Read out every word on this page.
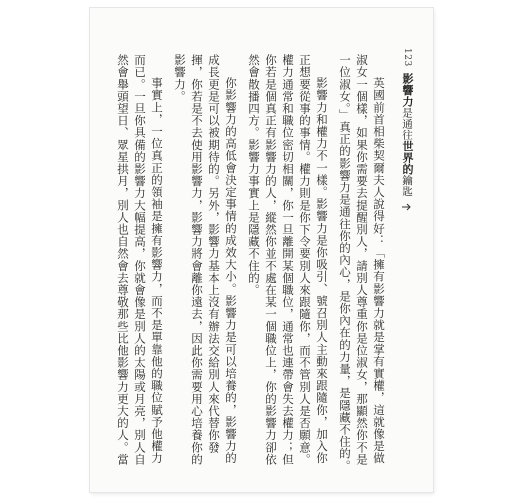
123
影響力是通往世界的鑰匙

英國前首相柴契爾夫人說得好：「擁有影響力就是掌有實權，這就像是做淑女一個樣，如果你需要去提醒別人，請別人尊重你是位淑女，那顯然你不是一位淑女。」真正的影響力是通往你的內心，是你內在的力量，是隱藏不住的。

影響力和權力不一樣。影響力是你吸引、號召別人主動來跟隨你，加入你正想要從事的事情。權力則是你下令要別人來跟隨你，而不管別人是否願意。權力通常和職位密切相關，你一旦離開某個職位，通常也連帶會失去權力；但你若是個真正有影響力的人，縱然你並不處在某一個職位上，你的影響力卻依然會散播四方。影響力事實上是隱藏不住的。

你影響力的高低會決定事情的成效大小。影響力是可以培養的，影響力的成長更是可以被期待的。另外，影響力基本上沒有辦法交給別人來代替你發揮，你若是不去使用影響力，影響力將會離你遠去，因此你需要用心培養你的影響力。

事實上，一位真正的領袖是擁有影響力，而不是單靠他的職位賦予他權力而已。一旦你具備的影響力大幅提高，你就會像是別人的太陽或月亮，別人自然會舉頭望日、眾星拱月，別人也自然會去尊敬那些比他影響力更大的人。當
